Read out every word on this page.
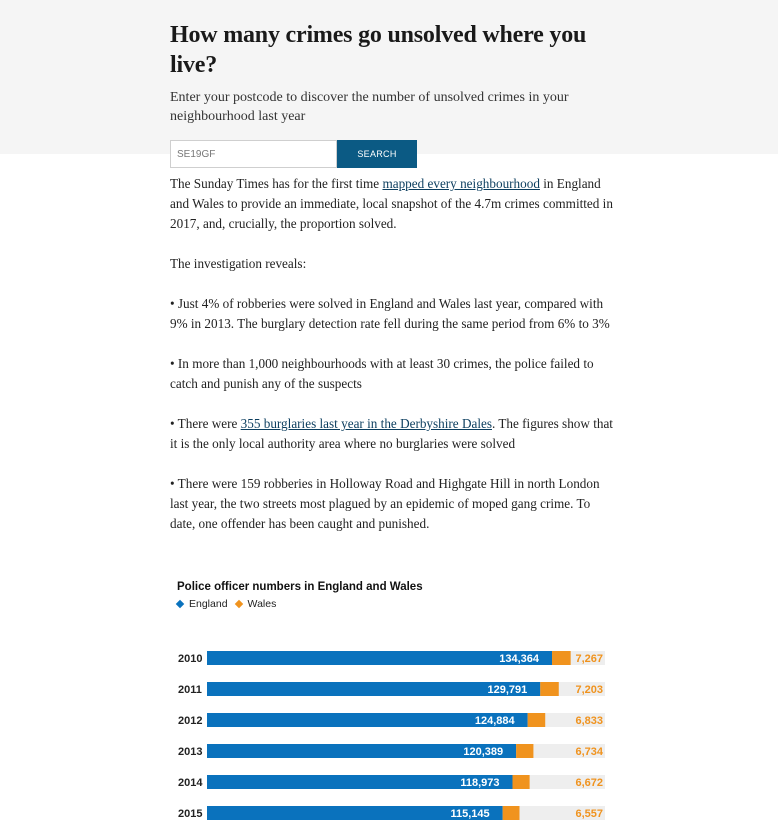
How many crimes go unsolved where you live?

Enter your postcode to discover the number of unsolved crimes in your neighbourhood last year

SE19GF
SEARCH

The Sunday Times has for the first time mapped every neighbourhood in England and Wales to provide an immediate, local snapshot of the 4.7m crimes committed in 2017, and, crucially, the proportion solved.

The investigation reveals:

• Just 4% of robberies were solved in England and Wales last year, compared with 9% in 2013. The burglary detection rate fell during the same period from 6% to 3%

• In more than 1,000 neighbourhoods with at least 30 crimes, the police failed to catch and punish any of the suspects

• There were 355 burglaries last year in the Derbyshire Dales. The figures show that it is the only local authority area where no burglaries were solved

• There were 159 robberies in Holloway Road and Highgate Hill in north London last year, the two streets most plagued by an epidemic of moped gang crime. To date, one offender has been caught and punished.

Police officer numbers in England and Wales

England Wales
2010	134,364	7,267
2011	129,791	7,203
2012	124,884	6,833
2013	120,389	6,734
2014	118,973	6,672
2015	115,145	6,557
